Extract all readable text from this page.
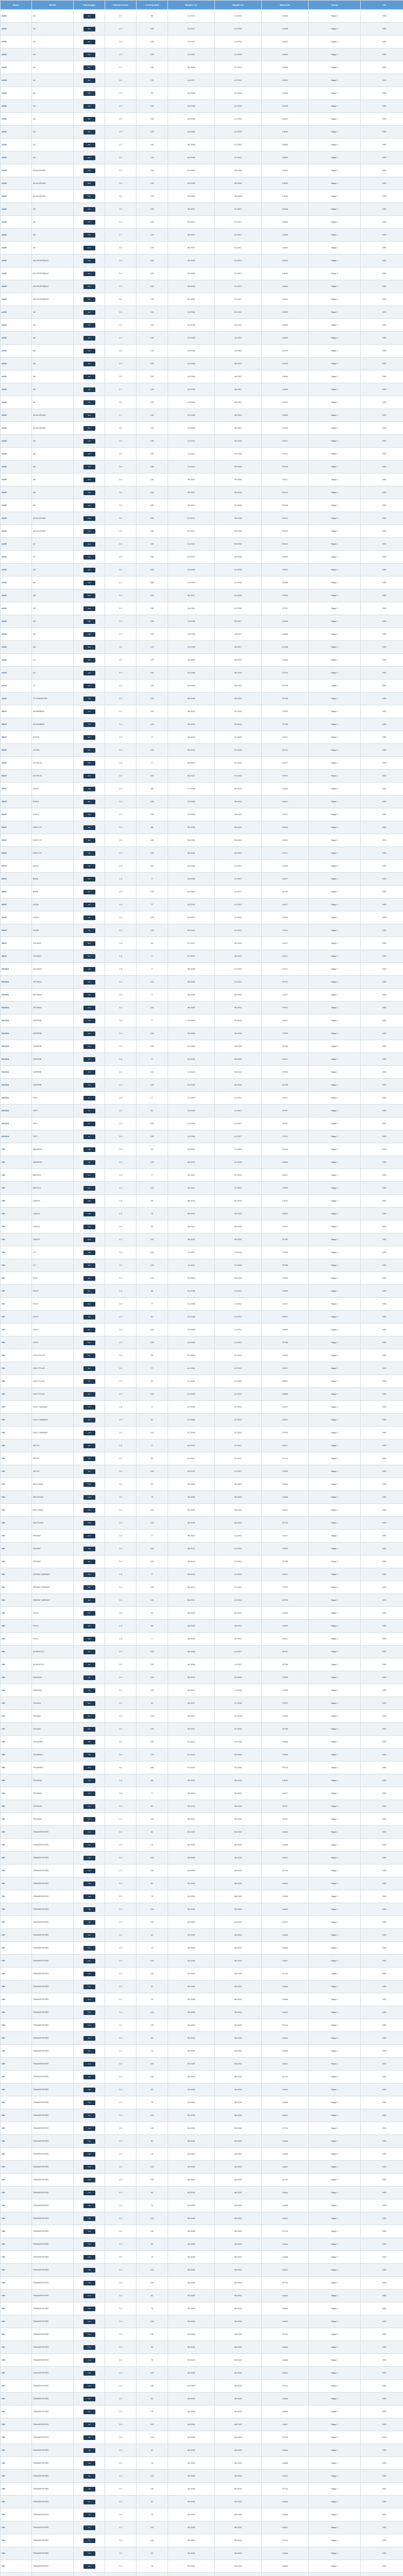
Marke	Modell	Fahrzeugtyp	Hubraum (ccm)	Leistung (kW)	Baujahr von	Baujahr bis	Motorcode	Tuning	Info
AUDI	A4	8K2	2.0	88	11.2007	12.2015	CAGA	Stage 1	HEX
AUDI	A4	8K2	2.0	100	11.2007	12.2015	CAGB	Stage 1	HEX
AUDI	A4	8K2	2.0	105	11.2007	12.2015	CAGC	Stage 1	HEX
AUDI	A4	8K2	2.0	125	11.2007	12.2015	CAHA	Stage 1	HEX
AUDI	A4	8K2	2.7	140	06.2008	12.2012	CAMA	Stage 1	HEX
AUDI	A4	8K2	3.0	176	11.2007	12.2012	CAPA	Stage 1	HEX
AUDI	A4	8K5	2.0	88	04.2008	12.2015	CAGA	Stage 1	HEX
AUDI	A4	8K5	2.0	100	04.2008	12.2015	CAGB	Stage 1	HEX
AUDI	A4	8K5	2.0	105	04.2008	12.2015	CAGC	Stage 1	HEX
AUDI	A4	8K5	2.0	125	04.2008	12.2015	CAHA	Stage 1	HEX
AUDI	A4	8K5	2.7	140	06.2008	12.2012	CAMA	Stage 1	HEX
AUDI	A4	8K5	3.0	176	04.2008	12.2012	CAPA	Stage 1	HEX
AUDI	A4 ALLROAD	8KH	2.0	105	04.2009	05.2016	CAGA	Stage 1	HEX
AUDI	A4 ALLROAD	8KH	2.0	125	04.2009	05.2016	CAHA	Stage 1	HEX
AUDI	A4 ALLROAD	8KH	3.0	176	04.2009	05.2016	CAPA	Stage 1	HEX
AUDI	A5	8T3	2.0	105	06.2007	01.2017	CAGA	Stage 1	HEX
AUDI	A5	8T3	2.0	125	06.2007	01.2017	CAHA	Stage 1	HEX
AUDI	A5	8T3	2.7	140	06.2007	01.2017	CAMA	Stage 1	HEX
AUDI	A5	8T3	3.0	176	06.2007	01.2017	CAPA	Stage 1	HEX
AUDI	A5 SPORTBACK	8TA	2.0	105	09.2009	01.2017	CAGA	Stage 1	HEX
AUDI	A5 SPORTBACK	8TA	2.0	125	09.2009	01.2017	CAHA	Stage 1	HEX
AUDI	A5 SPORTBACK	8TA	2.7	140	09.2009	01.2017	CAMA	Stage 1	HEX
AUDI	A5 SPORTBACK	8TA	3.0	176	09.2009	01.2017	CAPA	Stage 1	HEX
AUDI	A6	4F2	2.0	100	10.2008	03.2011	CAGB	Stage 1	HEX
AUDI	A6	4F2	2.0	125	10.2008	03.2011	CAHA	Stage 1	HEX
AUDI	A6	4F2	2.7	140	10.2008	03.2011	CANA	Stage 1	HEX
AUDI	A6	4F2	3.0	176	10.2008	03.2011	CDYA	Stage 1	HEX
AUDI	A6	4F5	2.0	100	10.2008	08.2011	CAGB	Stage 1	HEX
AUDI	A6	4F5	2.0	125	10.2008	08.2011	CAHA	Stage 1	HEX
AUDI	A6	4F5	2.7	140	10.2008	08.2011	CANA	Stage 1	HEX
AUDI	A6	4F5	3.0	176	10.2008	08.2011	CDYA	Stage 1	HEX
AUDI	A6 ALLROAD	4FH	2.7	140	10.2008	08.2011	CANA	Stage 1	HEX
AUDI	A6 ALLROAD	4FH	3.0	176	10.2008	08.2011	CDYA	Stage 1	HEX
AUDI	A6	4G2	2.0	130	11.2010	09.2018	CGLC	Stage 1	HEX
AUDI	A6	4G2	3.0	150	11.2010	09.2018	CDUC	Stage 1	HEX
AUDI	A6	4G2	3.0	180	11.2010	09.2018	CDUD	Stage 1	HEX
AUDI	A6	4G5	2.0	130	05.2011	09.2018	CGLC	Stage 1	HEX
AUDI	A6	4G5	3.0	150	05.2011	09.2018	CDUC	Stage 1	HEX
AUDI	A6	4G5	3.0	180	05.2011	09.2018	CDUD	Stage 1	HEX
AUDI	A6 ALLROAD	4GH	3.0	150	01.2012	09.2018	CDUC	Stage 1	HEX
AUDI	A6 ALLROAD	4GH	3.0	180	01.2012	09.2018	CDUD	Stage 1	HEX
AUDI	A7	4GA	3.0	150	10.2010	05.2018	CDUC	Stage 1	HEX
AUDI	A7	4GA	3.0	180	10.2010	05.2018	CDUD	Stage 1	HEX
AUDI	A8	4H2	3.0	184	11.2009	01.2018	CDTA	Stage 1	HEX
AUDI	A8	4H2	4.2	258	11.2009	01.2018	CDSB	Stage 1	HEX
AUDI	Q3	8UB	2.0	103	06.2011	10.2018	CFFB	Stage 1	HEX
AUDI	Q3	8UB	2.0	130	06.2011	10.2018	CFGC	Stage 1	HEX
AUDI	Q5	8RB	2.0	105	11.2008	05.2017	CAGA	Stage 1	HEX
AUDI	Q5	8RB	2.0	125	11.2008	05.2017	CAHA	Stage 1	HEX
AUDI	Q5	8RB	3.0	176	11.2008	05.2017	CCWA	Stage 1	HEX
AUDI	Q7	4LB	3.0	176	03.2006	08.2015	CASA	Stage 1	HEX
AUDI	Q7	4LB	4.2	240	03.2006	08.2015	CCFA	Stage 1	HEX
AUDI	TT	8J3	2.0	125	06.2008	06.2014	CFGB	Stage 1	HEX
AUDI	TT ROADSTER	8J9	2.0	125	06.2008	06.2014	CFGB	Stage 1	HEX
SEAT	ALHAMBRA	710	2.0	103	06.2010	03.2015	CFFB	Stage 1	HEX
SEAT	ALHAMBRA	710	2.0	125	06.2010	03.2015	CFGB	Stage 1	HEX
SEAT	ALTEA	5P1	1.6	77	06.2010	07.2015	CAYC	Stage 1	HEX
SEAT	ALTEA	5P1	2.0	103	06.2010	07.2015	CFHC	Stage 1	HEX
SEAT	ALTEA XL	5P5	1.6	77	06.2010	07.2015	CAYC	Stage 1	HEX
SEAT	ALTEA XL	5P5	2.0	103	06.2010	07.2015	CFHC	Stage 1	HEX
SEAT	EXEO	3R2	2.0	88	12.2008	05.2013	CAGA	Stage 1	HEX
SEAT	EXEO	3R2	2.0	105	12.2008	05.2013	CAGC	Stage 1	HEX
SEAT	EXEO	3R2	2.0	125	12.2008	05.2013	CJCC	Stage 1	HEX
SEAT	EXEO ST	3R5	2.0	88	05.2009	05.2013	CAGA	Stage 1	HEX
SEAT	EXEO ST	3R5	2.0	105	05.2009	05.2013	CAGC	Stage 1	HEX
SEAT	EXEO ST	3R5	2.0	125	05.2009	05.2013	CJCC	Stage 1	HEX
SEAT	IBIZA	6J5	1.6	66	03.2008	12.2017	CAYB	Stage 1	HEX
SEAT	IBIZA	6J5	1.6	77	03.2008	12.2017	CAYC	Stage 1	HEX
SEAT	IBIZA	6J5	2.0	105	03.2008	12.2017	CFHD	Stage 1	HEX
SEAT	LEON	1P1	1.6	77	03.2010	12.2012	CAYC	Stage 1	HEX
SEAT	LEON	1P1	2.0	103	03.2010	12.2012	CFHC	Stage 1	HEX
SEAT	LEON	1P1	2.0	125	03.2010	12.2012	CFJA	Stage 1	HEX
SEAT	TOLEDO	NH3	1.6	66	07.2012	05.2019	CAYC	Stage 1	HEX
SEAT	TOLEDO	NH3	1.6	77	07.2012	05.2019	CAYC	Stage 1	HEX
SKODA	OCTAVIA	1Z3	1.6	77	06.2009	12.2013	CAYC	Stage 1	HEX
SKODA	OCTAVIA	1Z3	2.0	103	06.2009	12.2013	CFHC	Stage 1	HEX
SKODA	OCTAVIA	1Z5	1.6	77	06.2009	06.2013	CAYC	Stage 1	HEX
SKODA	OCTAVIA	1Z5	2.0	103	06.2009	06.2013	CFHC	Stage 1	HEX
SKODA	SUPERB	3T4	1.6	77	03.2008	05.2015	CAYC	Stage 1	HEX
SKODA	SUPERB	3T4	2.0	103	03.2008	05.2015	CFFB	Stage 1	HEX
SKODA	SUPERB	3T4	2.0	125	03.2008	05.2015	CFGB	Stage 1	HEX
SKODA	SUPERB	3T5	1.6	77	10.2009	05.2015	CAYC	Stage 1	HEX
SKODA	SUPERB	3T5	2.0	103	10.2009	05.2015	CFFB	Stage 1	HEX
SKODA	SUPERB	3T5	2.0	125	10.2009	05.2015	CFGB	Stage 1	HEX
SKODA	YETI	5L	1.6	77	11.2009	12.2017	CAYC	Stage 1	HEX
SKODA	YETI	5L	2.0	81	11.2009	12.2017	CFHF	Stage 1	HEX
SKODA	YETI	5L	2.0	103	11.2009	12.2017	CFHC	Stage 1	HEX
SKODA	YETI	5L	2.0	125	11.2009	12.2017	CFJA	Stage 1	HEX
VW	AMAROK	2HA	2.0	90	09.2010	12.2016	CDCA	Stage 1	HEX
VW	AMAROK	2HA	2.0	120	09.2010	12.2016	CDBA	Stage 1	HEX
VW	BEETLE	5C1	1.6	77	04.2011	07.2019	CAYC	Stage 1	HEX
VW	BEETLE	5C1	2.0	103	04.2011	07.2019	CFFB	Stage 1	HEX
VW	CADDY	2KB	1.6	55	08.2010	05.2015	CAYE	Stage 1	HEX
VW	CADDY	2KB	1.6	75	08.2010	05.2015	CAYD	Stage 1	HEX
VW	CADDY	2KB	2.0	81	08.2010	05.2015	CFHC	Stage 1	HEX
VW	CADDY	2KB	2.0	103	08.2010	05.2015	CFHE	Stage 1	HEX
VW	CC	358	2.0	103	11.2011	12.2016	CFFB	Stage 1	HEX
VW	CC	358	2.0	125	11.2011	12.2016	CFGB	Stage 1	HEX
VW	EOS	1F7	2.0	103	05.2008	08.2015	CFFB	Stage 1	HEX
VW	GOLF	5K1	1.6	66	10.2008	11.2012	CAYB	Stage 1	HEX
VW	GOLF	5K1	1.6	77	10.2008	11.2012	CAYC	Stage 1	HEX
VW	GOLF	5K1	2.0	81	10.2008	11.2012	CBDC	Stage 1	HEX
VW	GOLF	5K1	2.0	103	10.2008	11.2012	CBAB	Stage 1	HEX
VW	GOLF	5K1	2.0	125	10.2008	11.2012	CFGB	Stage 1	HEX
VW	GOLF PLUS	521	1.6	66	01.2009	12.2013	CAYB	Stage 1	HEX
VW	GOLF PLUS	521	1.6	77	01.2009	12.2013	CAYC	Stage 1	HEX
VW	GOLF PLUS	521	2.0	81	01.2009	12.2013	CBDC	Stage 1	HEX
VW	GOLF PLUS	521	2.0	103	01.2009	12.2013	CBDB	Stage 1	HEX
VW	GOLF VARIANT	AJ5	1.6	77	07.2009	07.2013	CAYC	Stage 1	HEX
VW	GOLF VARIANT	AJ5	2.0	81	07.2009	07.2013	CBDC	Stage 1	HEX
VW	GOLF VARIANT	AJ5	2.0	103	07.2009	07.2013	CFFB	Stage 1	HEX
VW	JETTA	162	1.6	77	04.2010	12.2017	CAYC	Stage 1	HEX
VW	JETTA	162	2.0	81	04.2010	12.2017	CLCA	Stage 1	HEX
VW	JETTA	162	2.0	103	04.2010	12.2017	CFFB	Stage 1	HEX
VW	MULTIVAN	7HM	2.0	62	09.2009	08.2015	CAAA	Stage 1	HEX
VW	MULTIVAN	7HM	2.0	75	09.2009	08.2015	CAAB	Stage 1	HEX
VW	MULTIVAN	7HM	2.0	103	09.2009	08.2015	CAAC	Stage 1	HEX
VW	MULTIVAN	7HM	2.0	132	09.2009	08.2015	CFCA	Stage 1	HEX
VW	PASSAT	362	1.6	77	08.2010	12.2014	CAYC	Stage 1	HEX
VW	PASSAT	362	2.0	103	08.2010	12.2014	CFFB	Stage 1	HEX
VW	PASSAT	362	2.0	125	08.2010	12.2014	CFGB	Stage 1	HEX
VW	PASSAT VARIANT	365	1.6	77	08.2010	12.2014	CAYC	Stage 1	HEX
VW	PASSAT VARIANT	365	2.0	103	08.2010	12.2014	CFFB	Stage 1	HEX
VW	PASSAT VARIANT	365	2.0	125	08.2010	12.2014	CFGB	Stage 1	HEX
VW	POLO	6R1	1.6	55	06.2009	05.2014	CAYB	Stage 1	HEX
VW	POLO	6R1	1.6	66	06.2009	05.2014	CAYB	Stage 1	HEX
VW	POLO	6R1	1.6	77	06.2009	05.2014	CAYC	Stage 1	HEX
VW	SCIROCCO	137	2.0	103	08.2008	11.2017	CFHC	Stage 1	HEX
VW	SCIROCCO	137	2.0	125	08.2008	11.2017	CFGB	Stage 1	HEX
VW	SHARAN	7N1	2.0	103	05.2010	12.2018	CFFB	Stage 1	HEX
VW	SHARAN	7N1	2.0	125	05.2010	12.2018	CFGB	Stage 1	HEX
VW	TIGUAN	5N1	2.0	81	09.2007	07.2018	CFFA	Stage 1	HEX
VW	TIGUAN	5N1	2.0	103	09.2007	07.2018	CFFB	Stage 1	HEX
VW	TIGUAN	5N1	2.0	125	09.2007	07.2018	CFGB	Stage 1	HEX
VW	TOUAREG	7P5	3.0	150	01.2010	03.2018	CJMA	Stage 1	HEX
VW	TOUAREG	7P5	3.0	176	01.2010	03.2018	CASD	Stage 1	HEX
VW	TOUAREG	7P5	3.0	180	01.2010	03.2018	CRCA	Stage 1	HEX
VW	TOURAN	1T3	1.6	66	05.2010	05.2015	CAYB	Stage 1	HEX
VW	TOURAN	1T3	1.6	77	05.2010	05.2015	CAYC	Stage 1	HEX
VW	TOURAN	1T3	2.0	81	05.2010	05.2015	CFHF	Stage 1	HEX
VW	TOURAN	1T3	2.0	103	05.2010	05.2015	CFHC	Stage 1	HEX
VW	TRANSPORTER	7HA	2.0	62	09.2009	08.2015	CAAA	Stage 1	HEX
VW	TRANSPORTER	7HA	2.0	75	09.2009	08.2015	CAAB	Stage 1	HEX
VW	TRANSPORTER	7HA	2.0	103	09.2009	08.2015	CAAC	Stage 1	HEX
VW	TRANSPORTER	7HA	2.0	132	09.2009	08.2015	CFCA	Stage 1	HEX
VW	TRANSPORTER	7HB	2.0	62	09.2009	08.2015	CAAA	Stage 1	HEX
VW	TRANSPORTER	7HB	2.0	75	09.2009	08.2015	CAAB	Stage 1	HEX
VW	TRANSPORTER	7HB	2.0	103	09.2009	08.2015	CAAC	Stage 1	HEX
VW	TRANSPORTER	7HB	2.0	132	09.2009	08.2015	CFCA	Stage 1	HEX
VW	TRANSPORTER	7HC	2.0	62	09.2009	08.2015	CAAA	Stage 1	HEX
VW	TRANSPORTER	7HC	2.0	75	09.2009	08.2015	CAAB	Stage 1	HEX
VW	TRANSPORTER	7HC	2.0	103	09.2009	08.2015	CAAC	Stage 1	HEX
VW	TRANSPORTER	7HC	2.0	132	09.2009	08.2015	CFCA	Stage 1	HEX
VW	TRANSPORTER	7HH	2.0	62	09.2009	08.2015	CAAA	Stage 1	HEX
VW	TRANSPORTER	7HH	2.0	75	09.2009	08.2015	CAAB	Stage 1	HEX
VW	TRANSPORTER	7HH	2.0	103	09.2009	08.2015	CAAC	Stage 1	HEX
VW	TRANSPORTER	7HH	2.0	132	09.2009	08.2015	CFCA	Stage 1	HEX
VW	TRANSPORTER	7HJ	2.0	62	09.2009	08.2015	CAAA	Stage 1	HEX
VW	TRANSPORTER	7HJ	2.0	75	09.2009	08.2015	CAAB	Stage 1	HEX
VW	TRANSPORTER	7HJ	2.0	103	09.2009	08.2015	CAAC	Stage 1	HEX
VW	TRANSPORTER	7HJ	2.0	132	09.2009	08.2015	CFCA	Stage 1	HEX
VW	TRANSPORTER	7HK	2.0	62	09.2009	08.2015	CAAA	Stage 1	HEX
VW	TRANSPORTER	7HK	2.0	75	09.2009	08.2015	CAAB	Stage 1	HEX
VW	TRANSPORTER	7HK	2.0	103	09.2009	08.2015	CAAC	Stage 1	HEX
VW	TRANSPORTER	7HK	2.0	132	09.2009	08.2015	CFCA	Stage 1	HEX
VW	TRANSPORTER	7HM	2.0	62	09.2009	08.2015	CAAA	Stage 1	HEX
VW	TRANSPORTER	7HM	2.0	75	09.2009	08.2015	CAAB	Stage 1	HEX
VW	TRANSPORTER	7HM	2.0	103	09.2009	08.2015	CAAC	Stage 1	HEX
VW	TRANSPORTER	7HM	2.0	132	09.2009	08.2015	CFCA	Stage 1	HEX
VW	TRANSPORTER	7HN	2.0	62	09.2009	08.2015	CAAA	Stage 1	HEX
VW	TRANSPORTER	7HN	2.0	75	09.2009	08.2015	CAAB	Stage 1	HEX
VW	TRANSPORTER	7HN	2.0	103	09.2009	08.2015	CAAC	Stage 1	HEX
VW	TRANSPORTER	7HN	2.0	132	09.2009	08.2015	CFCA	Stage 1	HEX
VW	TRANSPORTER	7HS	2.0	62	09.2009	08.2015	CAAA	Stage 1	HEX
VW	TRANSPORTER	7HS	2.0	75	09.2009	08.2015	CAAB	Stage 1	HEX
VW	TRANSPORTER	7HS	2.0	103	09.2009	08.2015	CAAC	Stage 1	HEX
VW	TRANSPORTER	7HS	2.0	132	09.2009	08.2015	CFCA	Stage 1	HEX
VW	TRANSPORTER	7HU	2.0	62	09.2009	08.2015	CAAA	Stage 1	HEX
VW	TRANSPORTER	7HU	2.0	75	09.2009	08.2015	CAAB	Stage 1	HEX
VW	TRANSPORTER	7HU	2.0	103	09.2009	08.2015	CAAC	Stage 1	HEX
VW	TRANSPORTER	7HU	2.0	132	09.2009	08.2015	CFCA	Stage 1	HEX
VW	TRANSPORTER	7HW	2.0	62	09.2009	08.2015	CAAA	Stage 1	HEX
VW	TRANSPORTER	7HW	2.0	75	09.2009	08.2015	CAAB	Stage 1	HEX
VW	TRANSPORTER	7HW	2.0	103	09.2009	08.2015	CAAC	Stage 1	HEX
VW	TRANSPORTER	7HW	2.0	132	09.2009	08.2015	CFCA	Stage 1	HEX
VW	TRANSPORTER	7JD	2.0	62	09.2009	08.2015	CAAA	Stage 1	HEX
VW	TRANSPORTER	7JD	2.0	75	09.2009	08.2015	CAAB	Stage 1	HEX
VW	TRANSPORTER	7JD	2.0	103	09.2009	08.2015	CAAC	Stage 1	HEX
VW	TRANSPORTER	7JD	2.0	132	09.2009	08.2015	CFCA	Stage 1	HEX
VW	TRANSPORTER	7JE	2.0	62	09.2009	08.2015	CAAA	Stage 1	HEX
VW	TRANSPORTER	7JE	2.0	75	09.2009	08.2015	CAAB	Stage 1	HEX
VW	TRANSPORTER	7JE	2.0	103	09.2009	08.2015	CAAC	Stage 1	HEX
VW	TRANSPORTER	7JE	2.0	132	09.2009	08.2015	CFCA	Stage 1	HEX
VW	TRANSPORTER	7JL	2.0	62	09.2009	08.2015	CAAA	Stage 1	HEX
VW	TRANSPORTER	7JL	2.0	75	09.2009	08.2015	CAAB	Stage 1	HEX
VW	TRANSPORTER	7JL	2.0	103	09.2009	08.2015	CAAC	Stage 1	HEX
VW	TRANSPORTER	7JL	2.0	132	09.2009	08.2015	CFCA	Stage 1	HEX
VW	TRANSPORTER	7JZ	2.0	62	09.2009	08.2015	CAAA	Stage 1	HEX
VW	TRANSPORTER	7JZ	2.0	75	09.2009	08.2015	CAAB	Stage 1	HEX
